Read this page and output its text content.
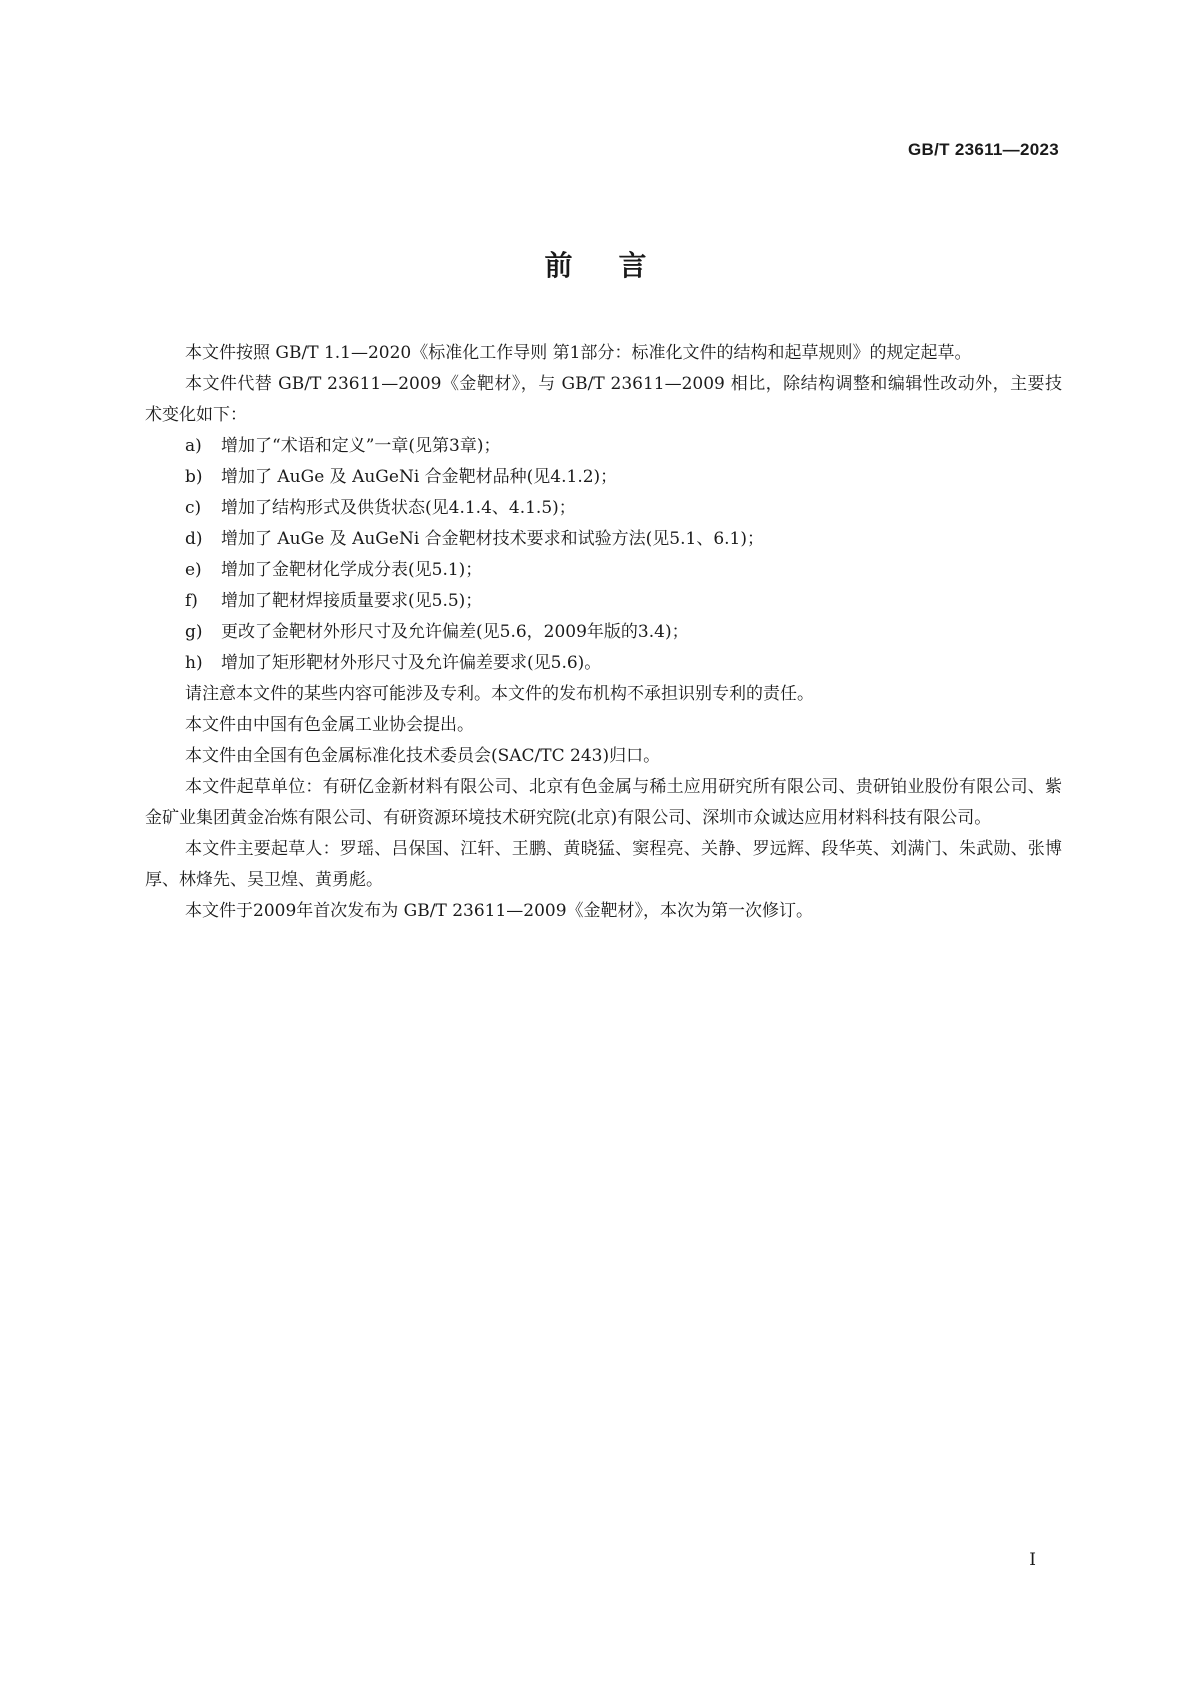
GB/T 23611—2023
前言

本文件按照 GB/T 1.1—2020《标准化工作导则 第1部分：标准化文件的结构和起草规则》的规定起草。

本文件代替 GB/T 23611—2009《金靶材》，与 GB/T 23611—2009 相比，除结构调整和编辑性改动外，主要技术变化如下：

a) 增加了“术语和定义”一章(见第3章)；
b) 增加了 AuGe 及 AuGeNi 合金靶材品种(见4.1.2)；
c) 增加了结构形式及供货状态(见4.1.4、4.1.5)；
d) 增加了 AuGe 及 AuGeNi 合金靶材技术要求和试验方法(见5.1、6.1)；
e) 增加了金靶材化学成分表(见5.1)；
f) 增加了靶材焊接质量要求(见5.5)；
g) 更改了金靶材外形尺寸及允许偏差(见5.6，2009年版的3.4)；
h) 增加了矩形靶材外形尺寸及允许偏差要求(见5.6)。

请注意本文件的某些内容可能涉及专利。本文件的发布机构不承担识别专利的责任。

本文件由中国有色金属工业协会提出。

本文件由全国有色金属标准化技术委员会(SAC/TC 243)归口。

本文件起草单位：有研亿金新材料有限公司、北京有色金属与稀土应用研究所有限公司、贵研铂业股份有限公司、紫金矿业集团黄金冶炼有限公司、有研资源环境技术研究院(北京)有限公司、深圳市众诚达应用材料科技有限公司。

本文件主要起草人：罗瑶、吕保国、江轩、王鹏、黄晓猛、窦程亮、关静、罗远辉、段华英、刘满门、朱武勋、张博厚、林烽先、吴卫煌、黄勇彪。

本文件于2009年首次发布为 GB/T 23611—2009《金靶材》，本次为第一次修订。

I
